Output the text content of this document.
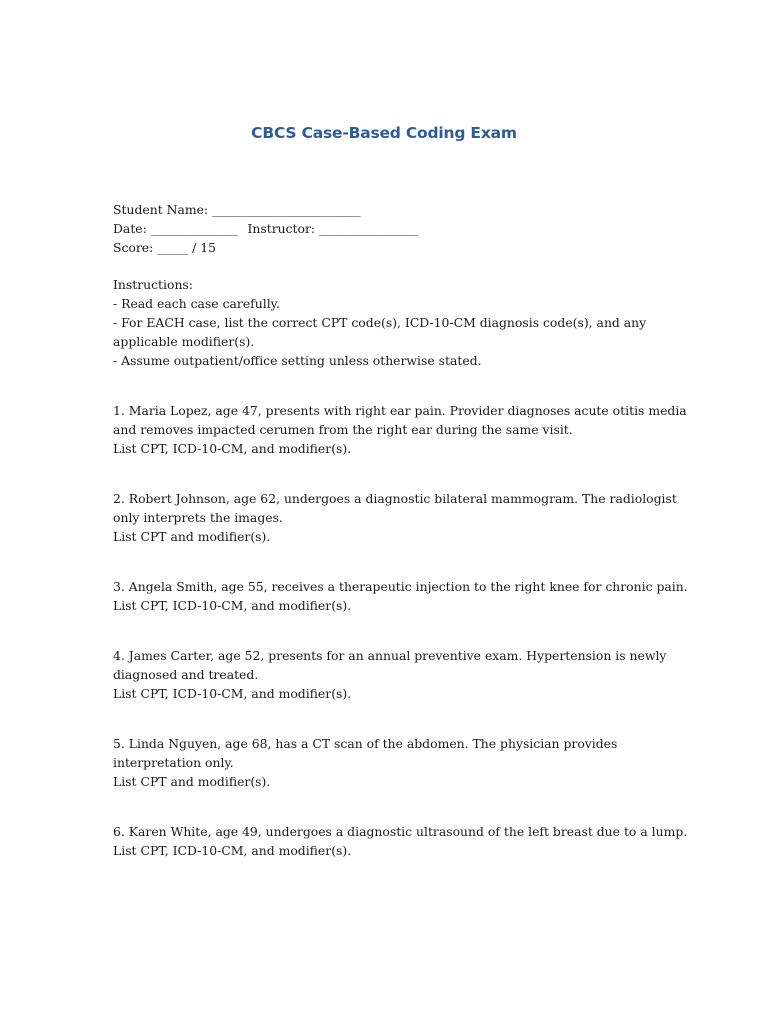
CBCS Case-Based Coding Exam
Student Name: ________________________
Date: ______________ Instructor: ________________
Score: _____ / 15
Instructions:
- Read each case carefully.
- For EACH case, list the correct CPT code(s), ICD-10-CM diagnosis code(s), and any
applicable modifier(s).
- Assume outpatient/office setting unless otherwise stated.
1. Maria Lopez, age 47, presents with right ear pain. Provider diagnoses acute otitis media
and removes impacted cerumen from the right ear during the same visit.
List CPT, ICD-10-CM, and modifier(s).
2. Robert Johnson, age 62, undergoes a diagnostic bilateral mammogram. The radiologist
only interprets the images.
List CPT and modifier(s).
3. Angela Smith, age 55, receives a therapeutic injection to the right knee for chronic pain.
List CPT, ICD-10-CM, and modifier(s).
4. James Carter, age 52, presents for an annual preventive exam. Hypertension is newly
diagnosed and treated.
List CPT, ICD-10-CM, and modifier(s).
5. Linda Nguyen, age 68, has a CT scan of the abdomen. The physician provides
interpretation only.
List CPT and modifier(s).
6. Karen White, age 49, undergoes a diagnostic ultrasound of the left breast due to a lump.
List CPT, ICD-10-CM, and modifier(s).
